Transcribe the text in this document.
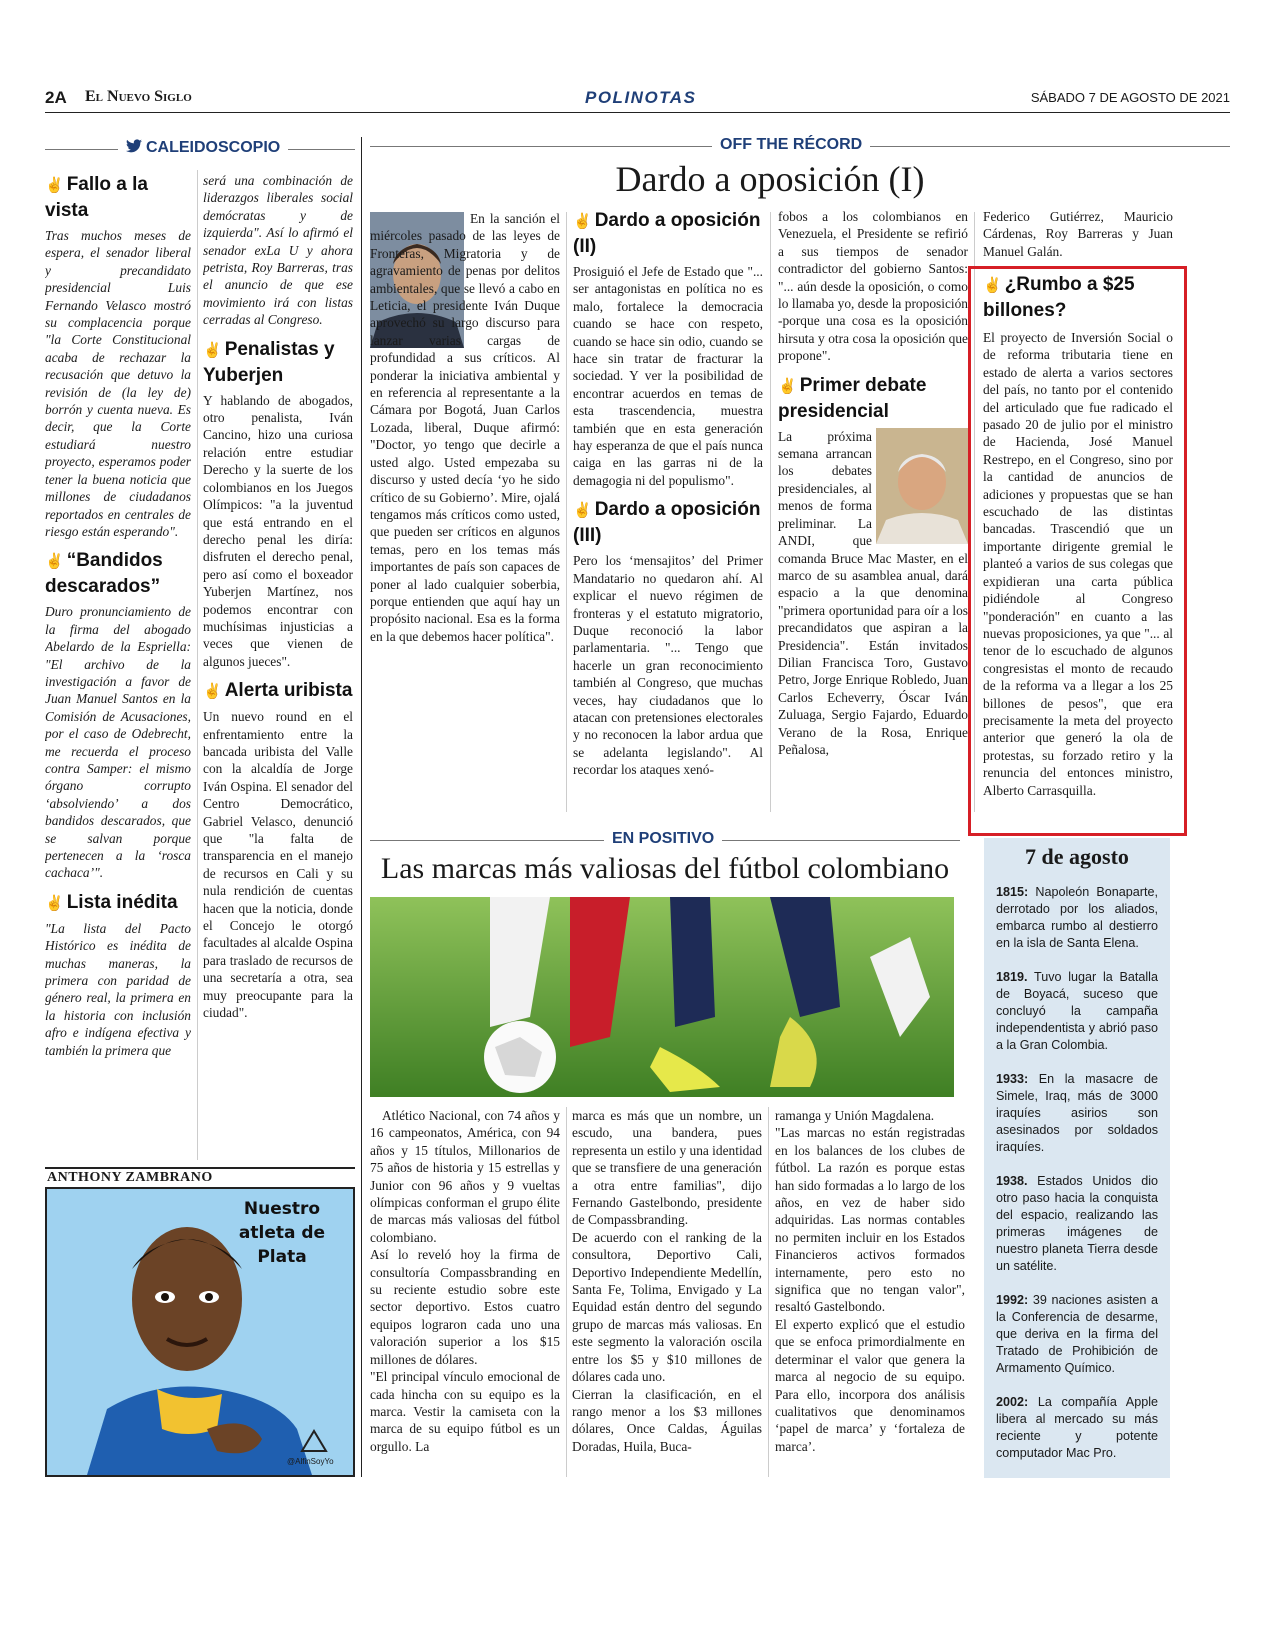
2A El Nuevo Siglo	POLINOTAS	SÁBADO 7 DE AGOSTO DE 2021
CALEIDOSCOPIO
✌ Fallo a la vista

Tras muchos meses de espera, el senador liberal y precandidato presidencial Luis Fernando Velasco mostró su complacencia porque "la Corte Constitucional acaba de rechazar la recusación que detuvo la revisión de (la ley de) borrón y cuenta nueva. Es decir, que la Corte estudiará nuestro proyecto, esperamos poder tener la buena noticia que millones de ciudadanos reportados en centrales de riesgo están esperando".

✌ “Bandidos descarados”

Duro pronunciamiento de la firma del abogado Abelardo de la Espriella: "El archivo de la investigación a favor de Juan Manuel Santos en la Comisión de Acusaciones, por el caso de Odebrecht, me recuerda el proceso contra Samper: el mismo órgano corrupto ‘absolviendo’ a dos bandidos descarados, que se salvan porque pertenecen a la ‘rosca cachaca’".

✌ Lista inédita

"La lista del Pacto Histórico es inédita de muchas maneras, la primera con paridad de género real, la primera en la historia con inclusión afro e indígena efectiva y también la primera que

será una combinación de liderazgos liberales social demócratas y de izquierda". Así lo afirmó el senador exLa U y ahora petrista, Roy Barreras, tras el anuncio de que ese movimiento irá con listas cerradas al Congreso.

✌ Penalistas y Yuberjen

Y hablando de abogados, otro penalista, Iván Cancino, hizo una curiosa relación entre estudiar Derecho y la suerte de los colombianos en los Juegos Olímpicos: "a la juventud que está entrando en el derecho penal les diría: disfruten el derecho penal, pero así como el boxeador Yuberjen Martínez, nos podemos encontrar con muchísimas injusticias a veces que vienen de algunos jueces".

✌ Alerta uribista

Un nuevo round en el enfrentamiento entre la bancada uribista del Valle con la alcaldía de Jorge Iván Ospina. El senador del Centro Democrático, Gabriel Velasco, denunció que "la falta de transparencia en el manejo de recursos en Cali y su nula rendición de cuentas hacen que la noticia, donde el Concejo le otorgó facultades al alcalde Ospina para traslado de recursos de una secretaría a otra, sea muy preocupante para la ciudad".

ANTHONY ZAMBRANO
Nuestro atleta de Plata
@AlfinSoyYo
OFF THE RÉCORD
Dardo a oposición (I)

En la sanción el miércoles pasado de las leyes de Fronteras, Migratoria y de agravamiento de penas por delitos ambientales, que se llevó a cabo en Leticia, el presidente Iván Duque aprovechó su largo discurso para lanzar varias cargas de profundidad a sus críticos. Al ponderar la iniciativa ambiental y en referencia al representante a la Cámara por Bogotá, Juan Carlos Lozada, liberal, Duque afirmó: "Doctor, yo tengo que decirle a usted algo. Usted empezaba su discurso y usted decía ‘yo he sido crítico de su Gobierno’. Mire, ojalá tengamos más críticos como usted, que pueden ser críticos en algunos temas, pero en los temas más importantes de país son capaces de poner al lado cualquier soberbia, porque entienden que aquí hay un propósito nacional. Esa es la forma en la que debemos hacer política".

✌ Dardo a oposición (II)

Prosiguió el Jefe de Estado que "... ser antagonistas en política no es malo, fortalece la democracia cuando se hace con respeto, cuando se hace sin odio, cuando se hace sin tratar de fracturar la sociedad. Y ver la posibilidad de encontrar acuerdos en temas de esta trascendencia, muestra también que en esta generación hay esperanza de que el país nunca caiga en las garras ni de la demagogia ni del populismo".

✌ Dardo a oposición (III)

Pero los ‘mensajitos’ del Primer Mandatario no quedaron ahí. Al explicar el nuevo régimen de fronteras y el estatuto migratorio, Duque reconoció la labor parlamentaria. "... Tengo que hacerle un gran reconocimiento también al Congreso, que muchas veces, hay ciudadanos que lo atacan con pretensiones electorales y no reconocen la labor ardua que se adelanta legislando". Al recordar los ataques xenó-

fobos a los colombianos en Venezuela, el Presidente se refirió a sus tiempos de senador contradictor del gobierno Santos: "... aún desde la oposición, o como lo llamaba yo, desde la proposición -porque una cosa es la oposición hirsuta y otra cosa la oposición que propone".

✌ Primer debate presidencial

La próxima semana arrancan los debates presidenciales, al menos de forma preliminar. La ANDI, que comanda Bruce Mac Master, en el marco de su asamblea anual, dará espacio a la que denomina "primera oportunidad para oír a los precandidatos que aspiran a la Presidencia". Están invitados Dilian Francisca Toro, Gustavo Petro, Jorge Enrique Robledo, Juan Carlos Echeverry, Óscar Iván Zuluaga, Sergio Fajardo, Eduardo Verano de la Rosa, Enrique Peñalosa,

Federico Gutiérrez, Mauricio Cárdenas, Roy Barreras y Juan Manuel Galán.

✌ ¿Rumbo a $25 billones?

El proyecto de Inversión Social o de reforma tributaria tiene en estado de alerta a varios sectores del país, no tanto por el contenido del articulado que fue radicado el pasado 20 de julio por el ministro de Hacienda, José Manuel Restrepo, en el Congreso, sino por la cantidad de anuncios de adiciones y propuestas que se han escuchado de las distintas bancadas. Trascendió que un importante dirigente gremial le planteó a varios de sus colegas que expidieran una carta pública pidiéndole al Congreso "ponderación" en cuanto a las nuevas proposiciones, ya que "... al tenor de lo escuchado de algunos congresistas el monto de recaudo de la reforma va a llegar a los 25 billones de pesos", que era precisamente la meta del proyecto anterior que generó la ola de protestas, su forzado retiro y la renuncia del entonces ministro, Alberto Carrasquilla.

EN POSITIVO
Las marcas más valiosas del fútbol colombiano

Atlético Nacional, con 74 años y 16 campeonatos, América, con 94 años y 15 títulos, Millonarios de 75 años de historia y 15 estrellas y Junior con 96 años y 9 vueltas olímpicas conforman el grupo élite de marcas más valiosas del fútbol colombiano.
Así lo reveló hoy la firma de consultoría Compassbranding en su reciente estudio sobre este sector deportivo. Estos cuatro equipos lograron cada uno una valoración superior a los $15 millones de dólares.
"El principal vínculo emocional de cada hincha con su equipo es la marca. Vestir la camiseta con la marca de su equipo fútbol es un orgullo. La

marca es más que un nombre, un escudo, una bandera, pues representa un estilo y una identidad que se transfiere de una generación a otra entre familias", dijo Fernando Gastelbondo, presidente de Compassbranding.
De acuerdo con el ranking de la consultora, Deportivo Cali, Deportivo Independiente Medellín, Santa Fe, Tolima, Envigado y La Equidad están dentro del segundo grupo de marcas más valiosas. En este segmento la valoración oscila entre los $5 y $10 millones de dólares cada uno.
Cierran la clasificación, en el rango menor a los $3 millones dólares, Once Caldas, Águilas Doradas, Huila, Buca-

ramanga y Unión Magdalena.
"Las marcas no están registradas en los balances de los clubes de fútbol. La razón es porque estas han sido formadas a lo largo de los años, en vez de haber sido adquiridas. Las normas contables no permiten incluir en los Estados Financieros activos formados internamente, pero esto no significa que no tengan valor", resaltó Gastelbondo.
El experto explicó que el estudio que se enfoca primordialmente en determinar el valor que genera la marca al negocio de su equipo. Para ello, incorpora dos análisis cualitativos que denominamos ‘papel de marca’ y ‘fortaleza de marca’.

7 de agosto

1815: Napoleón Bonaparte, derrotado por los aliados, embarca rumbo al destierro en la isla de Santa Elena.

1819. Tuvo lugar la Batalla de Boyacá, suceso que concluyó la campaña independentista y abrió paso a la Gran Colombia.

1933: En la masacre de Simele, Iraq, más de 3000 iraquíes asirios son asesinados por soldados iraquíes.

1938. Estados Unidos dio otro paso hacia la conquista del espacio, realizando las primeras imágenes de nuestro planeta Tierra desde un satélite.

1992: 39 naciones asisten a la Conferencia de desarme, que deriva en la firma del Tratado de Prohibición de Armamento Químico.

2002: La compañía Apple libera al mercado su más reciente y potente computador Mac Pro.
